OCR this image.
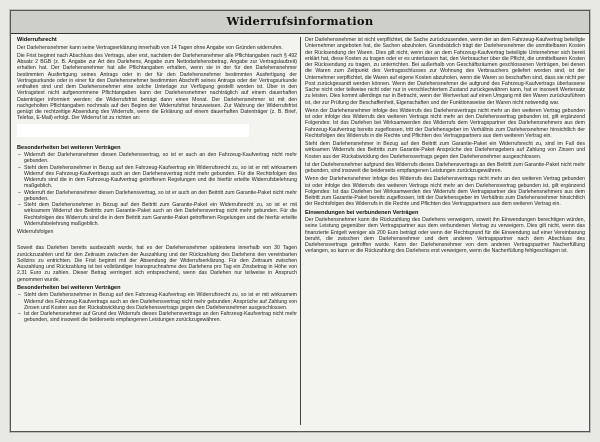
Widerrufsinformation
Widerrufsrecht

Der Darlehensnehmer kann seine Vertragserklärung innerhalb von 14 Tagen ohne Angabe von Gründen widerrufen.

Die Frist beginnt nach Abschluss des Vertrags, aber erst, nachdem der Darlehensnehmer alle Pflichtangaben nach § 492 Absatz 2 BGB (z. B. Angabe zur Art des Darlehens, Angabe zum Nettodarlehensbetrag, Angabe zur Vertragslaufzeit) erhalten hat. Der Darlehensnehmer hat alle Pflichtangaben erhalten, wenn sie in der für den Darlehensnehmer bestimmten Ausfertigung seines Antrags oder in der für den Darlehensnehmer bestimmten Ausfertigung der Vertragsurkunde oder in einer für den Darlehensnehmer bestimmten Abschrift seines Antrags oder der Vertragsurkunde enthalten sind und dem Darlehensnehmer eine solche Unterlage zur Verfügung gestellt worden ist. Über in den Vertragstext nicht aufgenommene Pflichtangaben kann der Darlehensnehmer nachträglich auf einem dauerhaften Datenträger informiert werden; die Widerrufsfrist beträgt dann einen Monat. Der Darlehensnehmer ist mit den nachgeholten Pflichtangaben nochmals auf den Beginn der Widerrufsfrist hinzuweisen. Zur Wahrung der Widerrufsfrist genügt die rechtzeitige Absendung des Widerrufs, wenn die Erklärung auf einem dauerhaften Datenträger (z. B. Brief, Telefax, E-Mail) erfolgt. Der Widerruf ist zu richten an:

Besonderheiten bei weiteren Verträgen
– Widerruft der Darlehensnehmer diesen Darlehensvertrag, so ist er auch an den Fahrzeug-Kaufvertrag nicht mehr gebunden.
– Steht dem Darlehensnehmer in Bezug auf den Fahrzeug-Kaufvertrag ein Widerrufsrecht zu, so ist er mit wirksamem Widerruf des Fahrzeug-Kaufvertrags auch an den Darlehensvertrag nicht mehr gebunden. Für die Rechtsfolgen des Widerrufs sind die in dem Fahrzeug-Kaufvertrag getroffenen Regelungen und die hierfür erteilte Widerrufsbelehrung maßgeblich.
– Widerruft der Darlehensnehmer diesen Darlehensvertrag, so ist er auch an den Beitritt zum Garantie-Paket nicht mehr gebunden.
– Steht dem Darlehensnehmer in Bezug auf den Beitritt zum Garantie-Paket ein Widerrufsrecht zu, so ist er mit wirksamem Widerruf des Beitritts zum Garantie-Paket auch an den Darlehensvertrag nicht mehr gebunden. Für die Rechtsfolgen des Widerrufs sind die in dem Beitritt zum Garantie-Paket getroffenen Regelungen und die hierfür erteilte Widerrufsbelehrung maßgeblich.

Widerrufsfolgen

Soweit das Darlehen bereits ausbezahlt wurde, hat es der Darlehensnehmer spätestens innerhalb von 30 Tagen zurückzuzahlen und für den Zeitraum zwischen der Auszahlung und der Rückzahlung des Darlehens den vereinbarten Sollzins zu entrichten. Die Frist beginnt mit der Absendung der Widerrufserklärung. Für den Zeitraum zwischen Auszahlung und Rückzahlung ist bei vollständiger Inanspruchnahme des Darlehens pro Tag ein Zinsbetrag in Höhe von 2,31 Euro zu zahlen. Dieser Betrag verringert sich entsprechend, wenn das Darlehen nur teilweise in Anspruch genommen wurde.

Besonderheiten bei weiteren Verträgen
– Steht dem Darlehensnehmer in Bezug auf den Fahrzeug-Kaufvertrag ein Widerrufsrecht zu, so ist er mit wirksamem Widerruf des Fahrzeug-Kaufvertrags auch an den Darlehensvertrag nicht mehr gebunden; Ansprüche auf Zahlung von Zinsen und Kosten aus der Rückabwicklung des Darlehensvertrags gegen den Darlehensnehmer ausgeschlossen.
– Ist der Darlehensnehmer auf Grund des Widerrufs dieses Darlehensvertrags an den Fahrzeug-Kaufvertrag nicht mehr gebunden, sind insoweit die beiderseits empfangenen Leistungen zurückzugewähren.

Der Darlehensnehmer ist nicht verpflichtet, die Sache zurückzusenden, wenn der an dem Fahrzeug-Kaufvertrag beteiligte Unternehmer angeboten hat, die Sachen abzuholen. Grundsätzlich trägt der Darlehensnehmer die unmittelbaren Kosten der Rücksendung der Waren. Dies gilt nicht, wenn der an dem Fahrzeug-Kaufvertrag beteiligte Unternehmer sich bereit erklärt hat, diese Kosten zu tragen oder er es unterlassen hat, den Verbraucher über die Pflicht, die unmittelbaren Kosten der Rücksendung zu tragen, zu unterrichten. Bei außerhalb von Geschäftsräumen geschlossenen Verträgen, bei denen die Waren zum Zeitpunkt des Vertragsschlusses zur Wohnung des Verbrauchers geliefert worden sind, ist der Unternehmer verpflichtet, die Waren auf eigene Kosten abzuholen, wenn die Waren so beschaffen sind, dass sie nicht per Post zurückgesandt werden können. Wenn der Darlehensnehmer die aufgrund des Fahrzeug-Kaufvertrags überlassene Sache nicht oder teilweise nicht oder nur in verschlechtertem Zustand zurückgewähren kann, hat er insoweit Wertersatz zu leisten. Dies kommt allerdings nur in Betracht, wenn der Wertverlust auf einen Umgang mit den Waren zurückzuführen ist, der zur Prüfung der Beschaffenheit, Eigenschaften und der Funktionsweise der Waren nicht notwendig war.

Wenn der Darlehensnehmer infolge des Widerrufs des Darlehensvertrags nicht mehr an den weiteren Vertrag gebunden ist oder infolge des Widerrufs des weiteren Vertrags nicht mehr an den Darlehensvertrag gebunden ist, gilt ergänzend Folgendes: Ist das Darlehen bei Wirksamwerden des Widerrufs dem Vertragspartner des Darlehensnehmers aus dem Fahrzeug-Kaufvertrag bereits zugeflossen, tritt der Darlehensgeber im Verhältnis zum Darlehensnehmer hinsichtlich der Rechtsfolgen des Widerrufs in die Rechte und Pflichten des Vertragspartners aus dem weiteren Vertrag ein.

Steht dem Darlehensnehmer in Bezug auf den Beitritt zum Garantie-Paket ein Widerrufsrecht zu, sind im Fall des wirksamen Widerrufs des Beitritts zum Garantie-Paket Ansprüche des Darlehensgebers auf Zahlung von Zinsen und Kosten aus der Rückabwicklung des Darlehensvertrags gegen den Darlehensnehmer ausgeschlossen.

Ist der Darlehensnehmer aufgrund des Widerrufs dieses Darlehensvertrags an den Beitritt zum Garantie-Paket nicht mehr gebunden, sind insoweit die beiderseits empfangenen Leistungen zurückzugewähren.

Wenn der Darlehensnehmer infolge des Widerrufs des Darlehensvertrags nicht mehr an den weiteren Vertrag gebunden ist oder infolge des Widerrufs des weiteren Vertrags nicht mehr an den Darlehensvertrag gebunden ist, gilt ergänzend Folgendes: Ist das Darlehen bei Wirksamwerden des Widerrufs dem Vertragspartner des Darlehensnehmers aus dem Beitritt zum Garantie-Paket bereits zugeflossen, tritt der Darlehensgeber im Verhältnis zum Darlehensnehmer hinsichtlich der Rechtsfolgen des Widerrufs in die Rechte und Pflichten des Vertragspartners aus dem weiteren Vertrag ein.

Einwendungen bei verbundenen Verträgen

Der Darlehensnehmer kann die Rückzahlung des Darlehens verweigern, soweit ihn Einwendungen berechtigen würden, seine Leistung gegenüber dem Vertragspartner aus dem verbundenen Vertrag zu verweigern. Dies gilt nicht, wenn das finanzierte Entgelt weniger als 200 Euro beträgt oder wenn der Rechtsgrund für die Einwendung auf einer Vereinbarung beruht, die zwischen dem Darlehensnehmer und dem anderen Vertragspartner nach dem Abschluss des Darlehensvertrags getroffen wurde. Kann der Darlehensnehmer von dem anderen Vertragspartner Nacherfüllung verlangen, so kann er die Rückzahlung des Darlehens erst verweigern, wenn die Nacherfüllung fehlgeschlagen ist.
